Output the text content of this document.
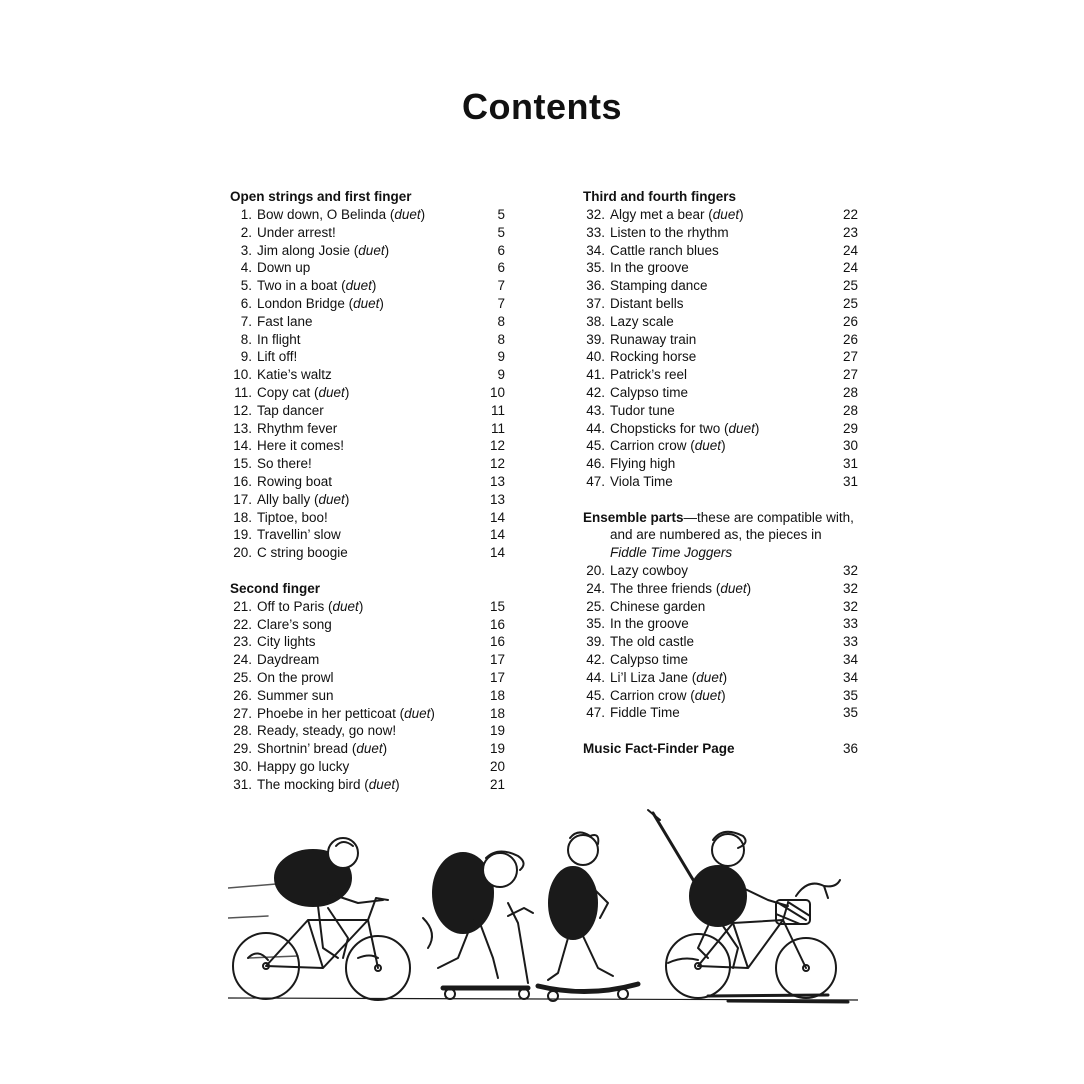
Contents
Open strings and first finger
1. Bow down, O Belinda (duet)	5
2. Under arrest!	5
3. Jim along Josie (duet)	6
4. Down up	6
5. Two in a boat (duet)	7
6. London Bridge (duet)	7
7. Fast lane	8
8. In flight	8
9. Lift off!	9
10. Katie’s waltz	9
11. Copy cat (duet)	10
12. Tap dancer	11
13. Rhythm fever	11
14. Here it comes!	12
15. So there!	12
16. Rowing boat	13
17. Ally bally (duet)	13
18. Tiptoe, boo!	14
19. Travellin’ slow	14
20. C string boogie	14
Second finger
21. Off to Paris (duet)	15
22. Clare’s song	16
23. City lights	16
24. Daydream	17
25. On the prowl	17
26. Summer sun	18
27. Phoebe in her petticoat (duet)	18
28. Ready, steady, go now!	19
29. Shortnin’ bread (duet)	19
30. Happy go lucky	20
31. The mocking bird (duet)	21
Third and fourth fingers
32. Algy met a bear (duet)	22
33. Listen to the rhythm	23
34. Cattle ranch blues	24
35. In the groove	24
36. Stamping dance	25
37. Distant bells	25
38. Lazy scale	26
39. Runaway train	26
40. Rocking horse	27
41. Patrick’s reel	27
42. Calypso time	28
43. Tudor tune	28
44. Chopsticks for two (duet)	29
45. Carrion crow (duet)	30
46. Flying high	31
47. Viola Time	31
Ensemble parts—these are compatible with,
and are numbered as, the pieces in
Fiddle Time Joggers
20. Lazy cowboy	32
24. The three friends (duet)	32
25. Chinese garden	32
35. In the groove	33
39. The old castle	33
42. Calypso time	34
44. Li’l Liza Jane (duet)	34
45. Carrion crow (duet)	35
47. Fiddle Time	35
Music Fact-Finder Page	36
